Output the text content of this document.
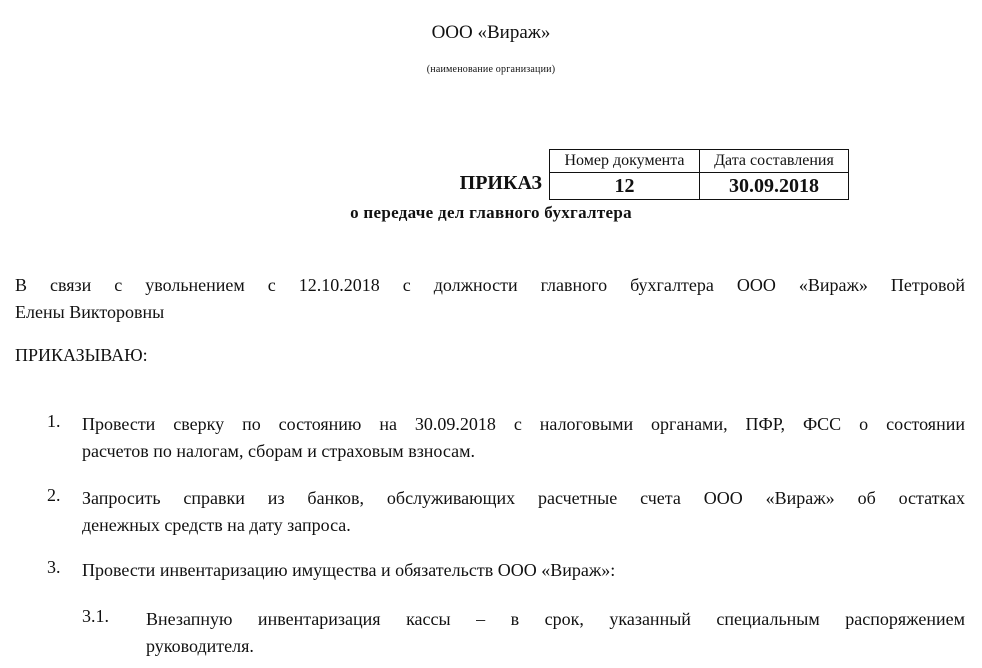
ООО «Вираж»
(наименование организации)
ПРИКАЗ
Номер документа	Дата составления
12	30.09.2018
о передаче дел главного бухгалтера
В связи с увольнением с 12.10.2018 с должности главного бухгалтера ООО «Вираж» Петровой
Елены Викторовны
ПРИКАЗЫВАЮ:
1. Провести сверку по состоянию на 30.09.2018 с налоговыми органами, ПФР, ФСС о состоянии
расчетов по налогам, сборам и страховым взносам.
2. Запросить справки из банков, обслуживающих расчетные счета ООО «Вираж» об остатках
денежных средств на дату запроса.
3. Провести инвентаризацию имущества и обязательств ООО «Вираж»:
3.1. Внезапную инвентаризация кассы – в срок, указанный специальным распоряжением
руководителя.
